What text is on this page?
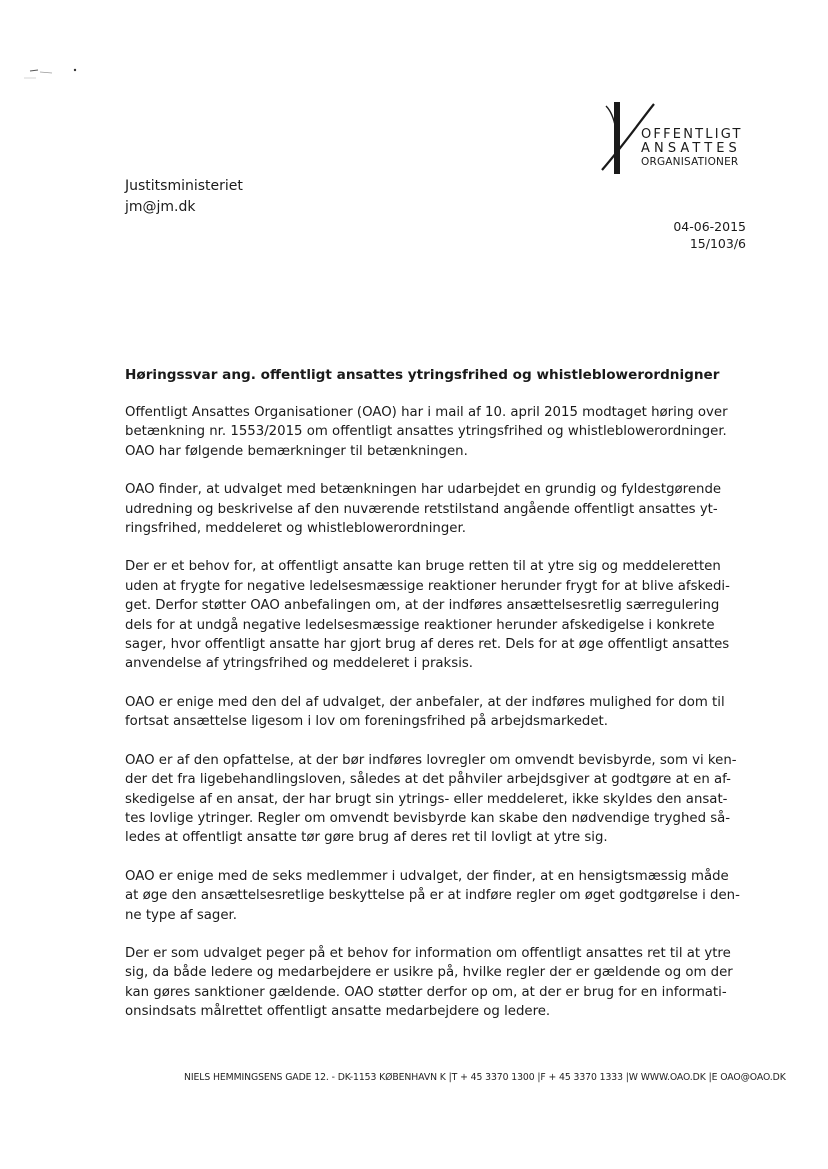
OFFENTLIGT
ANSATTES
ORGANISATIONER
Justitsministeriet
jm@jm.dk
04-06-2015
15/103/6
Høringssvar ang. offentligt ansattes ytringsfrihed og whistleblowerordnigner
Offentligt Ansattes Organisationer (OAO) har i mail af 10. april 2015 modtaget høring over
betænkning nr. 1553/2015 om offentligt ansattes ytringsfrihed og whistleblowerordninger.
OAO har følgende bemærkninger til betænkningen.
OAO finder, at udvalget med betænkningen har udarbejdet en grundig og fyldestgørende
udredning og beskrivelse af den nuværende retstilstand angående offentligt ansattes yt-
ringsfrihed, meddeleret og whistleblowerordninger.
Der er et behov for, at offentligt ansatte kan bruge retten til at ytre sig og meddeleretten
uden at frygte for negative ledelsesmæssige reaktioner herunder frygt for at blive afskedi-
get. Derfor støtter OAO anbefalingen om, at der indføres ansættelsesretlig særregulering
dels for at undgå negative ledelsesmæssige reaktioner herunder afskedigelse i konkrete
sager, hvor offentligt ansatte har gjort brug af deres ret. Dels for at øge offentligt ansattes
anvendelse af ytringsfrihed og meddeleret i praksis.
OAO er enige med den del af udvalget, der anbefaler, at der indføres mulighed for dom til
fortsat ansættelse ligesom i lov om foreningsfrihed på arbejdsmarkedet.
OAO er af den opfattelse, at der bør indføres lovregler om omvendt bevisbyrde, som vi ken-
der det fra ligebehandlingsloven, således at det påhviler arbejdsgiver at godtgøre at en af-
skedigelse af en ansat, der har brugt sin ytrings- eller meddeleret, ikke skyldes den ansat-
tes lovlige ytringer. Regler om omvendt bevisbyrde kan skabe den nødvendige tryghed så-
ledes at offentligt ansatte tør gøre brug af deres ret til lovligt at ytre sig.
OAO er enige med de seks medlemmer i udvalget, der finder, at en hensigtsmæssig måde
at øge den ansættelsesretlige beskyttelse på er at indføre regler om øget godtgørelse i den-
ne type af sager.
Der er som udvalget peger på et behov for information om offentligt ansattes ret til at ytre
sig, da både ledere og medarbejdere er usikre på, hvilke regler der er gældende og om der
kan gøres sanktioner gældende. OAO støtter derfor op om, at der er brug for en informati-
onsindsats målrettet offentligt ansatte medarbejdere og ledere.
NIELS HEMMINGSENS GADE 12. - DK-1153 KØBENHAVN K |T + 45 3370 1300 |F + 45 3370 1333 |W WWW.OAO.DK |E OAO@OAO.DK
